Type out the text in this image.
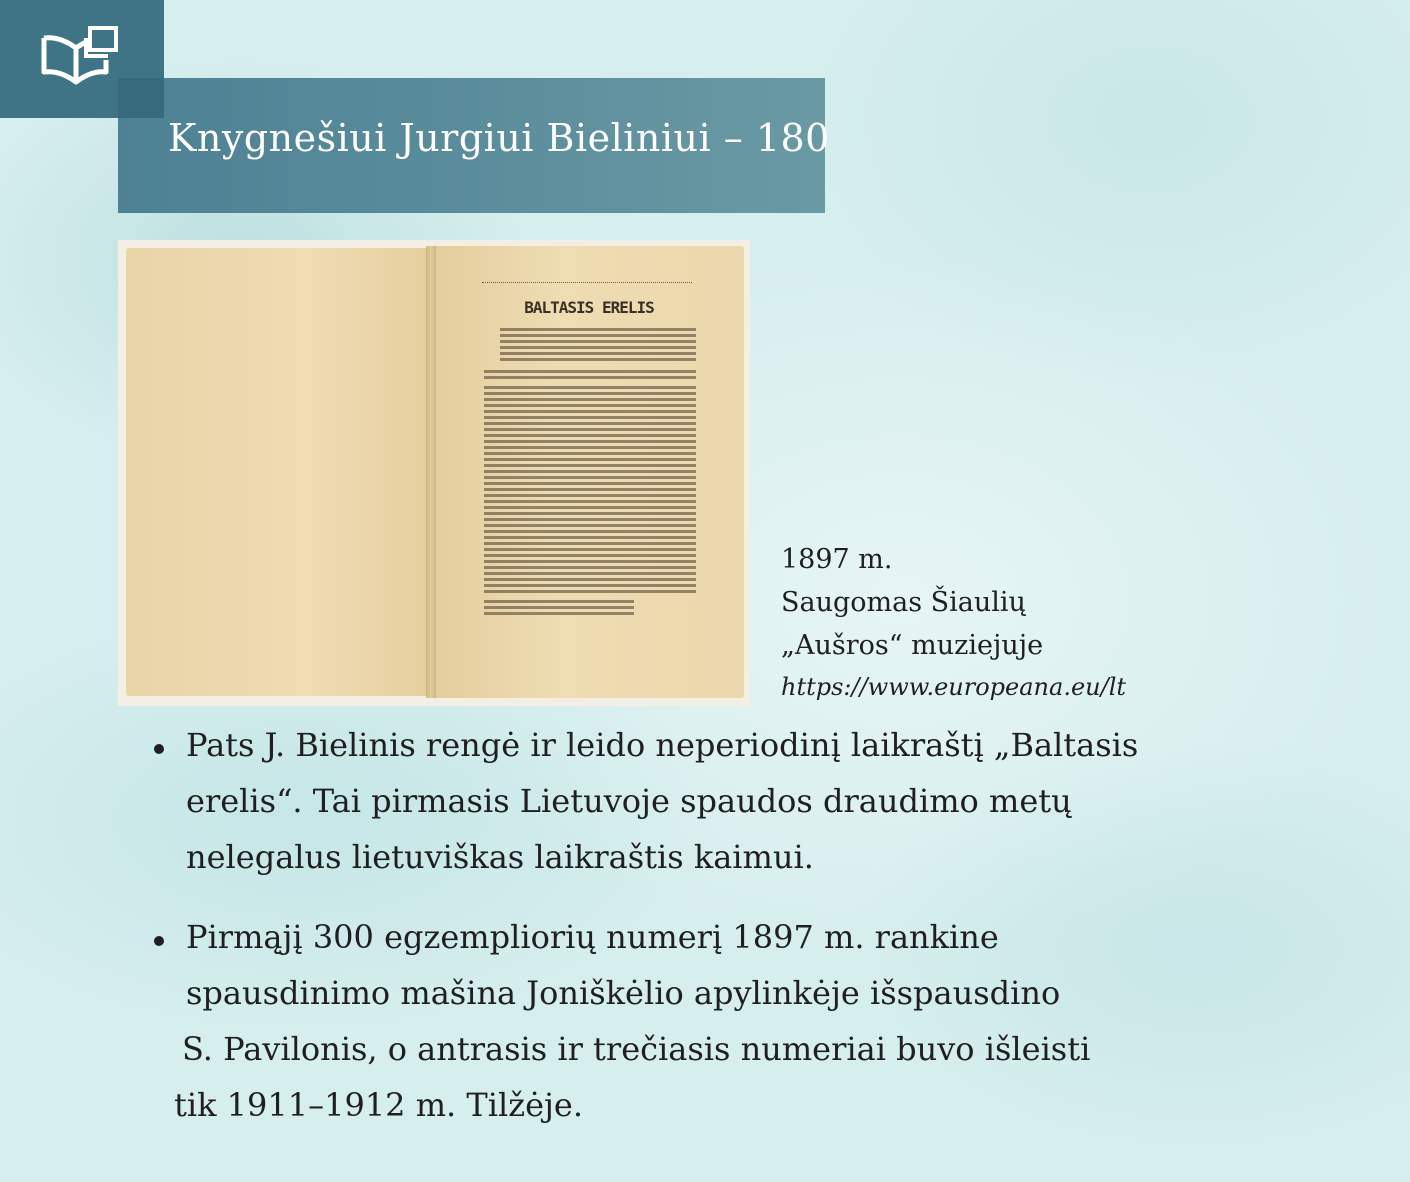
Knygnešiui Jurgiui Bieliniui – 180
BALTASIS ERELIS
1897 m.
Saugomas Šiaulių
„Aušros“ muziejuje
https://www.europeana.eu/lt
Pats J. Bielinis rengė ir leido neperiodinį laikraštį „Baltasis
erelis“. Tai pirmasis Lietuvoje spaudos draudimo metų
nelegalus lietuviškas laikraštis kaimui.
Pirmąjį 300 egzempliorių numerį 1897 m. rankine
spausdinimo mašina Joniškėlio apylinkėje išspausdino
S. Pavilonis, o antrasis ir trečiasis numeriai buvo išleisti
tik 1911–1912 m. Tilžėje.
